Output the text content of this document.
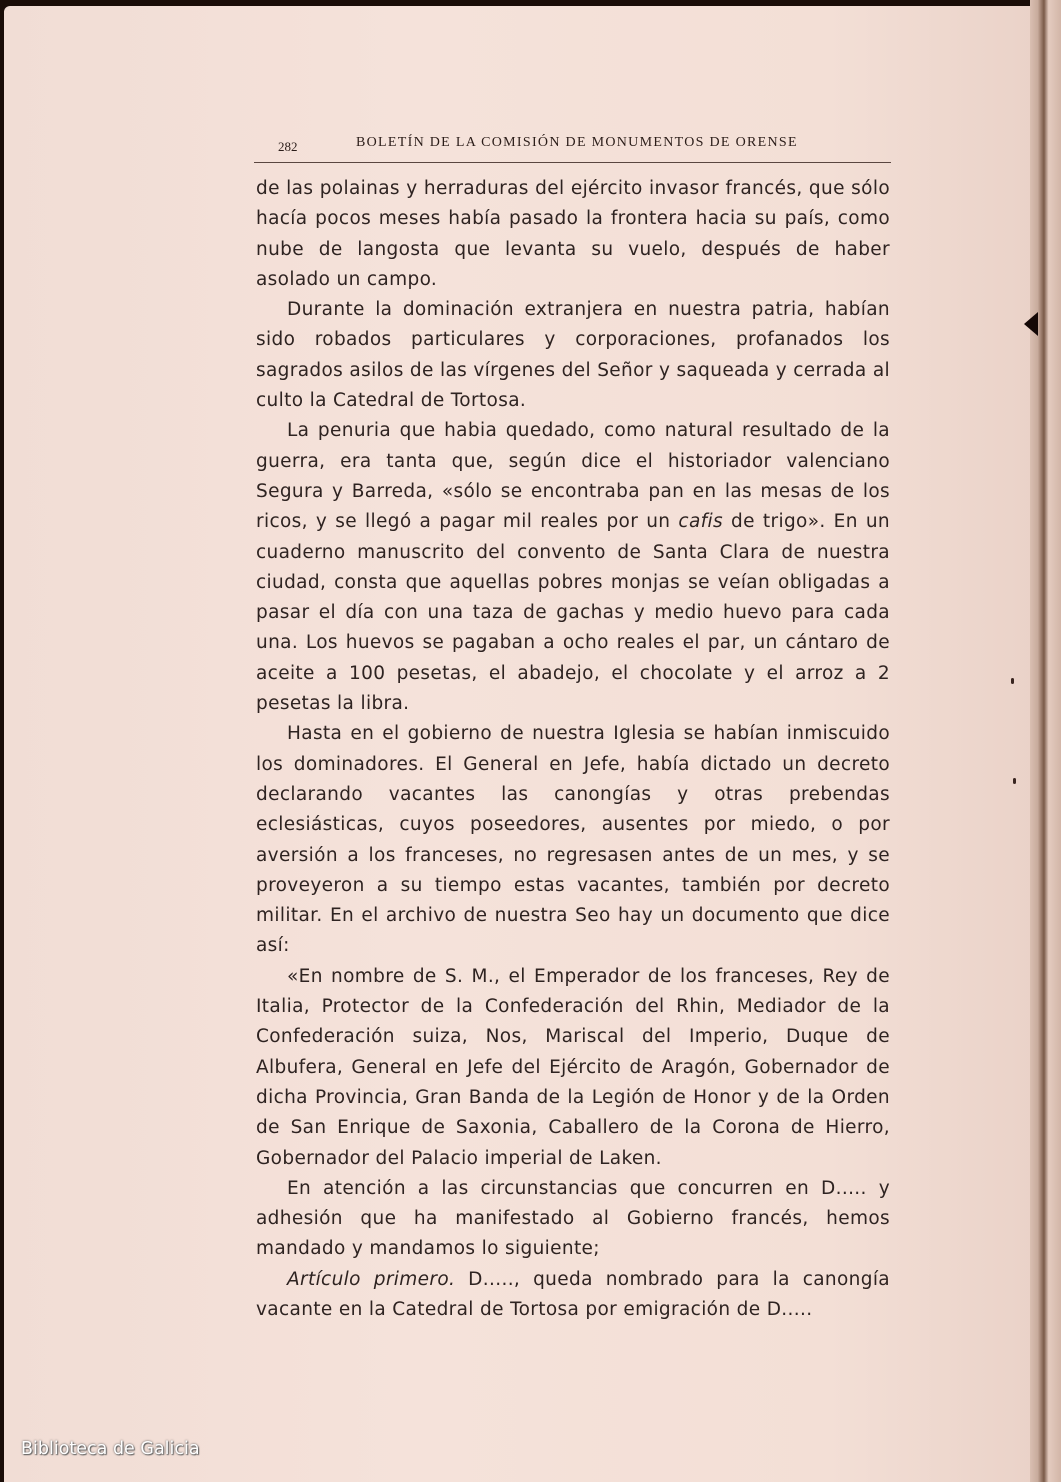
282	BOLETÍN DE LA COMISIÓN DE MONUMENTOS DE ORENSE

de las polainas y herraduras del ejército invasor francés, que sólo hacía pocos meses había pasado la frontera hacia su país, como nube de langosta que levanta su vuelo, después de haber asolado un campo.

Durante la dominación extranjera en nuestra patria, habían sido robados particulares y corporaciones, profanados los sagrados asilos de las vírgenes del Señor y saqueada y cerrada al culto la Catedral de Tortosa.

La penuria que habia quedado, como natural resultado de la guerra, era tanta que, según dice el historiador valenciano Segura y Barreda, «sólo se encontraba pan en las mesas de los ricos, y se llegó a pagar mil reales por un cafis de trigo». En un cuaderno manuscrito del convento de Santa Clara de nuestra ciudad, consta que aquellas pobres monjas se veían obligadas a pasar el día con una taza de gachas y medio huevo para cada una. Los huevos se pagaban a ocho reales el par, un cántaro de aceite a 100 pesetas, el abadejo, el chocolate y el arroz a 2 pesetas la libra.

Hasta en el gobierno de nuestra Iglesia se habían inmiscuido los dominadores. El General en Jefe, había dictado un decreto declarando vacantes las canongías y otras prebendas eclesiásticas, cuyos poseedores, ausentes por miedo, o por aversión a los franceses, no regresasen antes de un mes, y se proveyeron a su tiempo estas vacantes, también por decreto militar. En el archivo de nuestra Seo hay un documento que dice así:

«En nombre de S. M., el Emperador de los franceses, Rey de Italia, Protector de la Confederación del Rhin, Mediador de la Confederación suiza, Nos, Mariscal del Imperio, Duque de Albufera, General en Jefe del Ejército de Aragón, Gobernador de dicha Provincia, Gran Banda de la Legión de Honor y de la Orden de San Enrique de Saxonia, Caballero de la Corona de Hierro, Gobernador del Palacio imperial de Laken.

En atención a las circunstancias que concurren en D..... y adhesión que ha manifestado al Gobierno francés, hemos mandado y mandamos lo siguiente;

Artículo primero. D....., queda nombrado para la canongía vacante en la Catedral de Tortosa por emigración de D.....

Biblioteca de Galicia
